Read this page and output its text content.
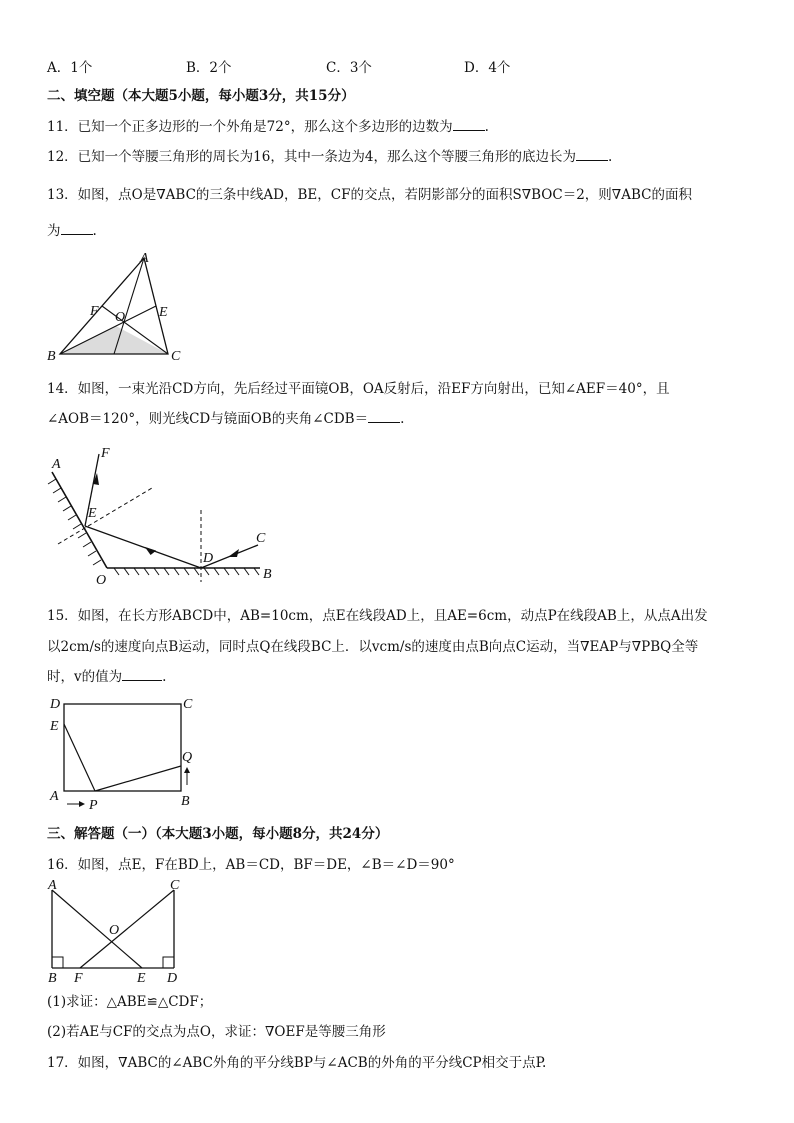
A．1个	B．2个	C．3个	D．4个
二、填空题（本大题5小题，每小题3分，共15分）
11．已知一个正多边形的一个外角是72°，那么这个多边形的边数为 .
12．已知一个等腰三角形的周长为16，其中一条边为4，那么这个等腰三角形的底边长为 .
13．如图，点O是∇ABC的三条中线AD，BE，CF的交点，若阴影部分的面积S∇BOC＝2，则∇ABC的面积
为 .
A
B	C
E
F O
14．如图，一束光沿CD方向，先后经过平面镜OB，OA反射后，沿EF方向射出，已知∠AEF＝40°，且
∠AOB＝120°，则光线CD与镜面OB的夹角∠CDB＝ .
A
F
E
D
C
O	B
15．如图，在长方形ABCD中，AB=10cm，点E在线段AD上，且AE=6cm，动点P在线段AB上，从点A出发
以2cm/s的速度向点B运动，同时点Q在线段BC上．以vcm/s的速度由点B向点C运动，当∇EAP与∇PBQ全等
时，v的值为	.
D	C
E
Q
A
P	B
三、解答题（一）（本大题3小题，每小题8分，共24分）
16．如图，点E，F在BD上，AB＝CD，BF＝DE，∠B＝∠D＝90°
A	C
O
B F	E D
(1)求证：△ABE≌△CDF；
(2)若AE与CF的交点为点O，求证：∇OEF是等腰三角形
17．如图，∇ABC的∠ABC外角的平分线BP与∠ACB的外角的平分线CP相交于点P.
